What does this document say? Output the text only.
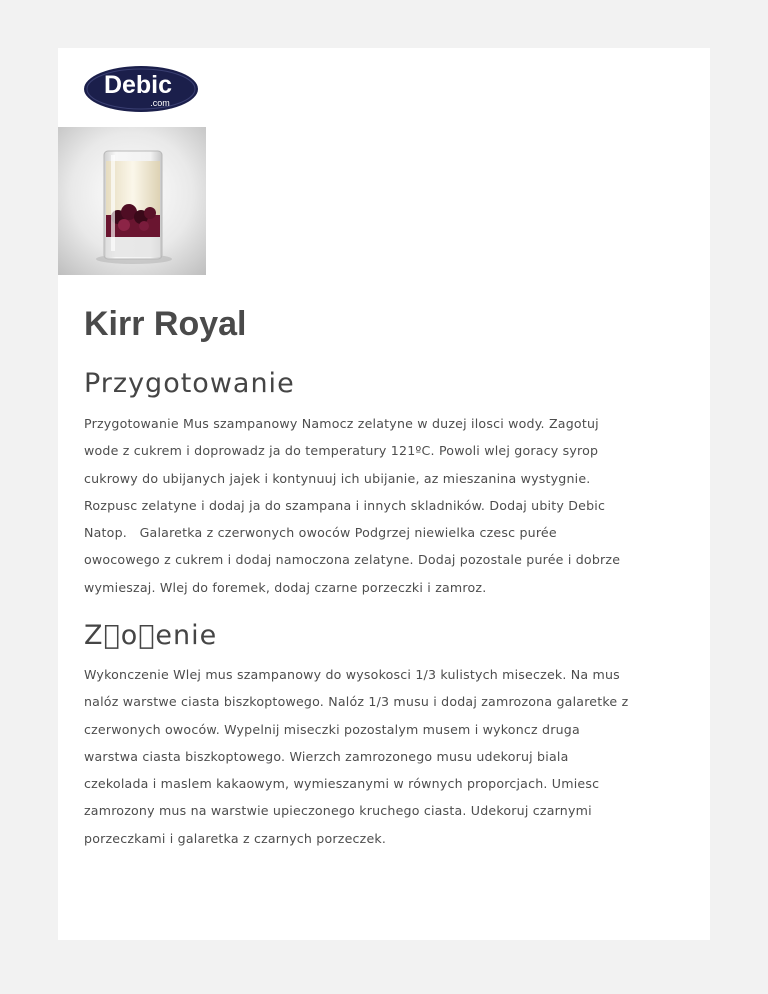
Debic
.com
Kirr Royal
Przygotowanie

Przygotowanie Mus szampanowy Namocz zelatyne w duzej ilosci wody. Zagotuj
wode z cukrem i doprowadz ja do temperatury 121ºC. Powoli wlej goracy syrop
cukrowy do ubijanych jajek i kontynuuj ich ubijanie, az mieszanina wystygnie.
Rozpusc zelatyne i dodaj ja do szampana i innych skladników. Dodaj ubity Debic
Natop.   Galaretka z czerwonych owoców Podgrzej niewielka czesc purée
owocowego z cukrem i dodaj namoczona zelatyne. Dodaj pozostale purée i dobrze
wymieszaj. Wlej do foremek, dodaj czarne porzeczki i zamroz.

Z o enie

Wykonczenie Wlej mus szampanowy do wysokosci 1/3 kulistych miseczek. Na mus
nalóz warstwe ciasta biszkoptowego. Nalóz 1/3 musu i dodaj zamrozona galaretke z
czerwonych owoców. Wypelnij miseczki pozostalym musem i wykoncz druga
warstwa ciasta biszkoptowego. Wierzch zamrozonego musu udekoruj biala
czekolada i maslem kakaowym, wymieszanymi w równych proporcjach. Umiesc
zamrozony mus na warstwie upieczonego kruchego ciasta. Udekoruj czarnymi
porzeczkami i galaretka z czarnych porzeczek.
